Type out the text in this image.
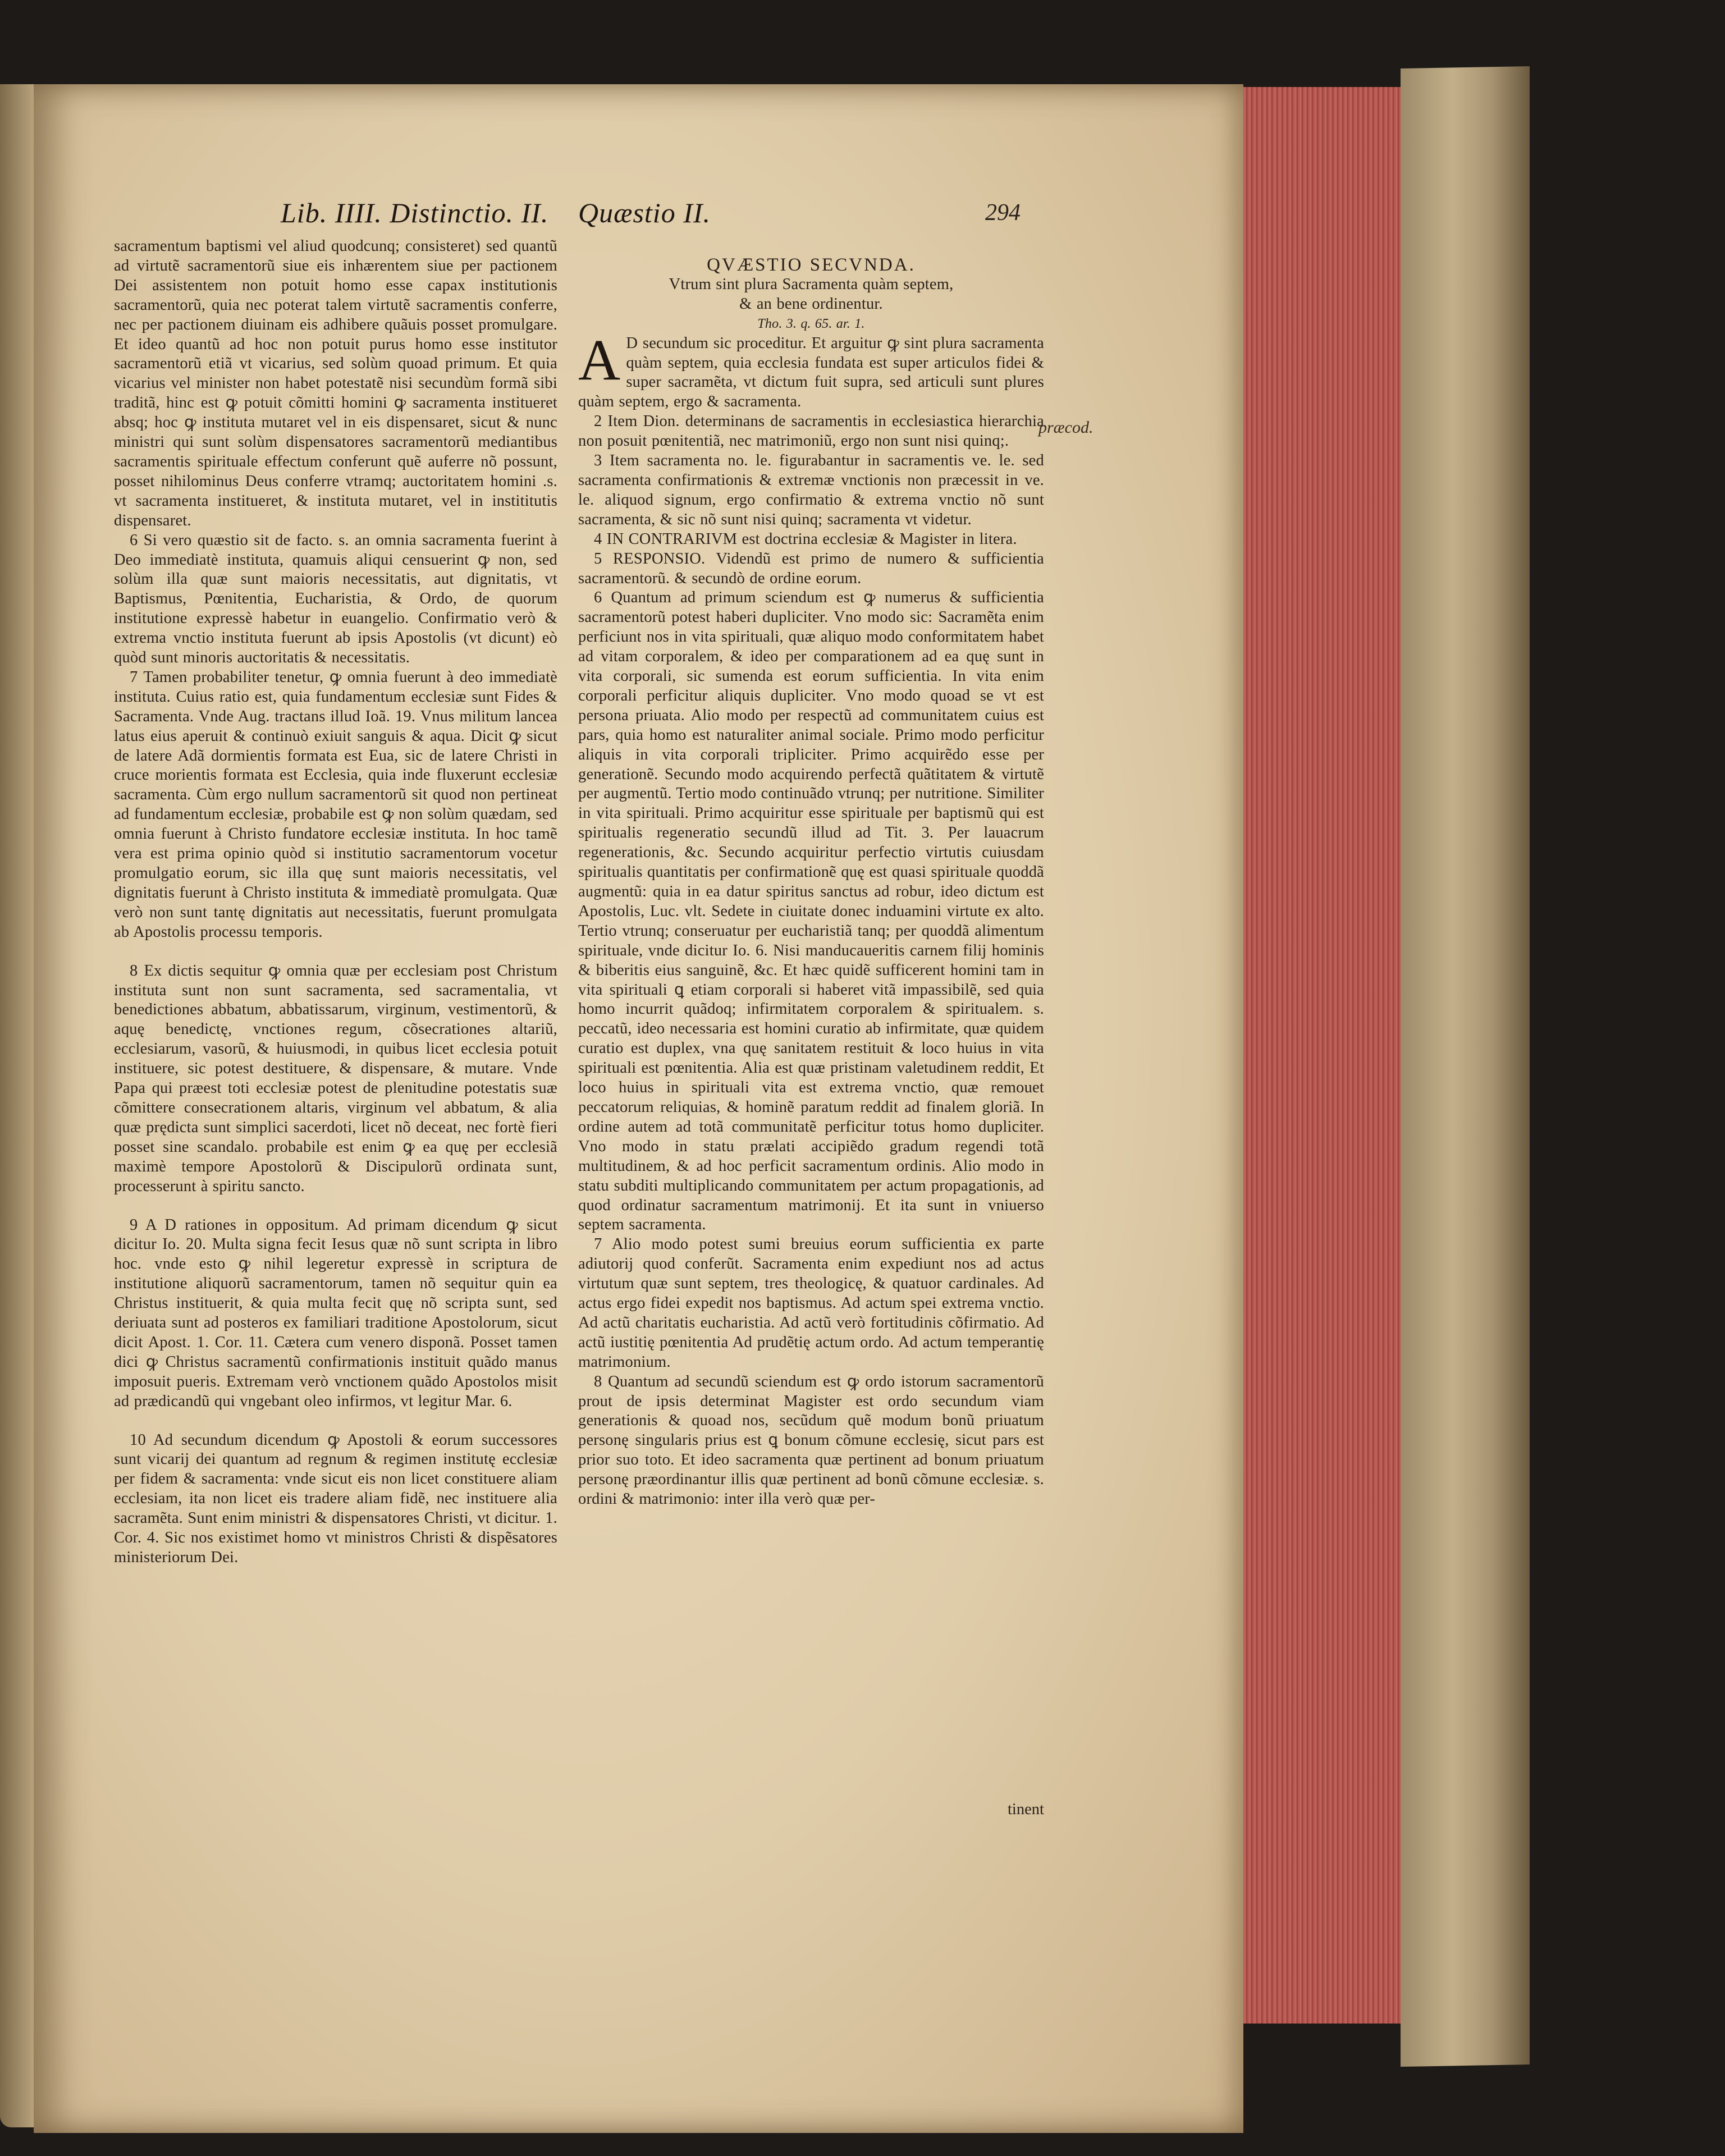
Lib. IIII. Distinctio. II. Quæstio II.	294

sacramentum baptismi vel aliud quodcunq; consisteret) sed quantũ ad virtutẽ sacramentorũ siue eis inhærentem siue per pactionem Dei assistentem non potuit homo esse capax institutionis sacramentorũ, quia nec poterat talem virtutẽ sacramentis conferre, nec per pactionem diuinam eis adhibere quãuis posset promulgare. Et ideo quantũ ad hoc non potuit purus homo esse institutor sacramentorũ etiã vt vicarius, sed solùm quoad primum. Et quia vicarius vel minister non habet potestatẽ nisi secundùm formã sibi traditã, hinc est ꝙ potuit cõmitti homini ꝙ sacramenta institueret absq; hoc ꝙ instituta mutaret vel in eis dispensaret, sicut & nunc ministri qui sunt solùm dispensatores sacramentorũ mediantibus sacramentis spirituale effectum conferunt quẽ auferre nõ possunt, posset nihilominus Deus conferre vtramq; auctoritatem homini .s. vt sacramenta institueret, & instituta mutaret, vel in instititutis dispensaret.

6 Si vero quæstio sit de facto. s. an omnia sacramenta fuerint à Deo immediatè instituta, quamuis aliqui censuerint ꝙ non, sed solùm illa quæ sunt maioris necessitatis, aut dignitatis, vt Baptismus, Pœnitentia, Eucharistia, & Ordo, de quorum institutione expressè habetur in euangelio. Confirmatio verò & extrema vnctio instituta fuerunt ab ipsis Apostolis (vt dicunt) eò quòd sunt minoris auctoritatis & necessitatis.

7 Tamen probabiliter tenetur, ꝙ omnia fuerunt à deo immediatè instituta. Cuius ratio est, quia fundamentum ecclesiæ sunt Fides & Sacramenta. Vnde Aug. tractans illud Ioã. 19. Vnus militum lancea latus eius aperuit & continuò exiuit sanguis & aqua. Dicit ꝙ sicut de latere Adã dormientis formata est Eua, sic de latere Christi in cruce morientis formata est Ecclesia, quia inde fluxerunt ecclesiæ sacramenta. Cùm ergo nullum sacramentorũ sit quod non pertineat ad fundamentum ecclesiæ, probabile est ꝙ non solùm quædam, sed omnia fuerunt à Christo fundatore ecclesiæ instituta. In hoc tamẽ vera est prima opinio quòd si institutio sacramentorum vocetur promulgatio eorum, sic illa quę sunt maioris necessitatis, vel dignitatis fuerunt à Christo instituta & immediatè promulgata. Quæ verò non sunt tantę dignitatis aut necessitatis, fuerunt promulgata ab Apostolis processu temporis.

8 Ex dictis sequitur ꝙ omnia quæ per ecclesiam post Christum instituta sunt non sunt sacramenta, sed sacramentalia, vt benedictiones abbatum, abbatissarum, virginum, vestimentorũ, & aquę benedictę, vnctiones regum, cõsecrationes altariũ, ecclesiarum, vasorũ, & huiusmodi, in quibus licet ecclesia potuit instituere, sic potest destituere, & dispensare, & mutare. Vnde Papa qui præest toti ecclesiæ potest de plenitudine potestatis suæ cõmittere consecrationem altaris, virginum vel abbatum, & alia quæ prędicta sunt simplici sacerdoti, licet nõ deceat, nec fortè fieri posset sine scandalo. probabile est enim ꝙ ea quę per ecclesiã maximè tempore Apostolorũ & Discipulorũ ordinata sunt, processerunt à spiritu sancto.

9 A D rationes in oppositum. Ad primam dicendum ꝙ sicut dicitur Io. 20. Multa signa fecit Iesus quæ nõ sunt scripta in libro hoc. vnde esto ꝙ nihil legeretur expressè in scriptura de institutione aliquorũ sacramentorum, tamen nõ sequitur quin ea Christus instituerit, & quia multa fecit quę nõ scripta sunt, sed deriuata sunt ad posteros ex familiari traditione Apostolorum, sicut dicit Apost. 1. Cor. 11. Cætera cum venero disponã. Posset tamen dici ꝙ Christus sacramentũ confirmationis instituit quãdo manus imposuit pueris. Extremam verò vnctionem quãdo Apostolos misit ad prædicandũ qui vngebant oleo infirmos, vt legitur Mar. 6.

10 Ad secundum dicendum ꝙ Apostoli & eorum successores sunt vicarij dei quantum ad regnum & regimen institutę ecclesiæ per fidem & sacramenta: vnde sicut eis non licet constituere aliam ecclesiam, ita non licet eis tradere aliam fidẽ, nec instituere alia sacramẽta. Sunt enim ministri & dispensatores Christi, vt dicitur. 1. Cor. 4. Sic nos existimet homo vt ministros Christi & dispẽsatores ministeriorum Dei.

QVÆSTIO SECVNDA.
Vtrum sint plura Sacramenta quàm septem,
& an bene ordinentur.
Tho. 3. q. 65. ar. 1.

A D secundum sic proceditur. Et arguitur ꝙ sint plura sacramenta quàm septem, quia ecclesia fundata est super articulos fidei & super sacramẽta, vt dictum fuit supra, sed articuli sunt plures quàm septem, ergo & sacramenta.

2 Item Dion. determinans de sacramentis in ecclesiastica hierarchia non posuit pœnitentiã, nec matrimoniũ, ergo non sunt nisi quinq;.

3 Item sacramenta no. le. figurabantur in sacramentis ve. le. sed sacramenta confirmationis & extremæ vnctionis non præcessit in ve. le. aliquod signum, ergo confirmatio & extrema vnctio nõ sunt sacramenta, & sic nõ sunt nisi quinq; sacramenta vt videtur.

4 IN CONTRARIVM est doctrina ecclesiæ & Magister in litera.

5 RESPONSIO. Videndũ est primo de numero & sufficientia sacramentorũ. & secundò de ordine eorum.

6 Quantum ad primum sciendum est ꝙ numerus & sufficientia sacramentorũ potest haberi dupliciter. Vno modo sic: Sacramẽta enim perficiunt nos in vita spirituali, quæ aliquo modo conformitatem habet ad vitam corporalem, & ideo per comparationem ad ea quę sunt in vita corporali, sic sumenda est eorum sufficientia. In vita enim corporali perficitur aliquis dupliciter. Vno modo quoad se vt est persona priuata. Alio modo per respectũ ad communitatem cuius est pars, quia homo est naturaliter animal sociale. Primo modo perficitur aliquis in vita corporali tripliciter. Primo acquirẽdo esse per generationẽ. Secundo modo acquirendo perfectã quãtitatem & virtutẽ per augmentũ. Tertio modo continuãdo vtrunq; per nutritione. Similiter in vita spirituali. Primo acquiritur esse spirituale per baptismũ qui est spiritualis regeneratio secundũ illud ad Tit. 3. Per lauacrum regenerationis, &c. Secundo acquiritur perfectio virtutis cuiusdam spiritualis quantitatis per confirmationẽ quę est quasi spirituale quoddã augmentũ: quia in ea datur spiritus sanctus ad robur, ideo dictum est Apostolis, Luc. vlt. Sedete in ciuitate donec induamini virtute ex alto. Tertio vtrunq; conseruatur per eucharistiã tanq; per quoddã alimentum spirituale, vnde dicitur Io. 6. Nisi manducaueritis carnem filij hominis & biberitis eius sanguinẽ, &c. Et hæc quidẽ sufficerent homini tam in vita spirituali ꝗ etiam corporali si haberet vitã impassibilẽ, sed quia homo incurrit quãdoq; infirmitatem corporalem & spiritualem. s. peccatũ, ideo necessaria est homini curatio ab infirmitate, quæ quidem curatio est duplex, vna quę sanitatem restituit & loco huius in vita spirituali est pœnitentia. Alia est quæ pristinam valetudinem reddit, Et loco huius in spirituali vita est extrema vnctio, quæ remouet peccatorum reliquias, & hominẽ paratum reddit ad finalem gloriã. In ordine autem ad totã communitatẽ perficitur totus homo dupliciter. Vno modo in statu prælati accipiẽdo gradum regendi totã multitudinem, & ad hoc perficit sacramentum ordinis. Alio modo in statu subditi multiplicando communitatem per actum propagationis, ad quod ordinatur sacramentum matrimonij. Et ita sunt in vniuerso septem sacramenta.

7 Alio modo potest sumi breuius eorum sufficientia ex parte adiutorij quod conferũt. Sacramenta enim expediunt nos ad actus virtutum quæ sunt septem, tres theologicę, & quatuor cardinales. Ad actus ergo fidei expedit nos baptismus. Ad actum spei extrema vnctio. Ad actũ charitatis eucharistia. Ad actũ verò fortitudinis cõfirmatio. Ad actũ iustitię pœnitentia Ad prudẽtię actum ordo. Ad actum temperantię matrimonium.

8 Quantum ad secundũ sciendum est ꝙ ordo istorum sacramentorũ prout de ipsis determinat Magister est ordo secundum viam generationis & quoad nos, secũdum quẽ modum bonũ priuatum personę singularis prius est ꝗ bonum cõmune ecclesię, sicut pars est prior suo toto. Et ideo sacramenta quæ pertinent ad bonum priuatum personę præordinantur illis quæ pertinent ad bonũ cõmune ecclesiæ. s. ordini & matrimonio: inter illa verò quæ per-

præcod.
tinent
